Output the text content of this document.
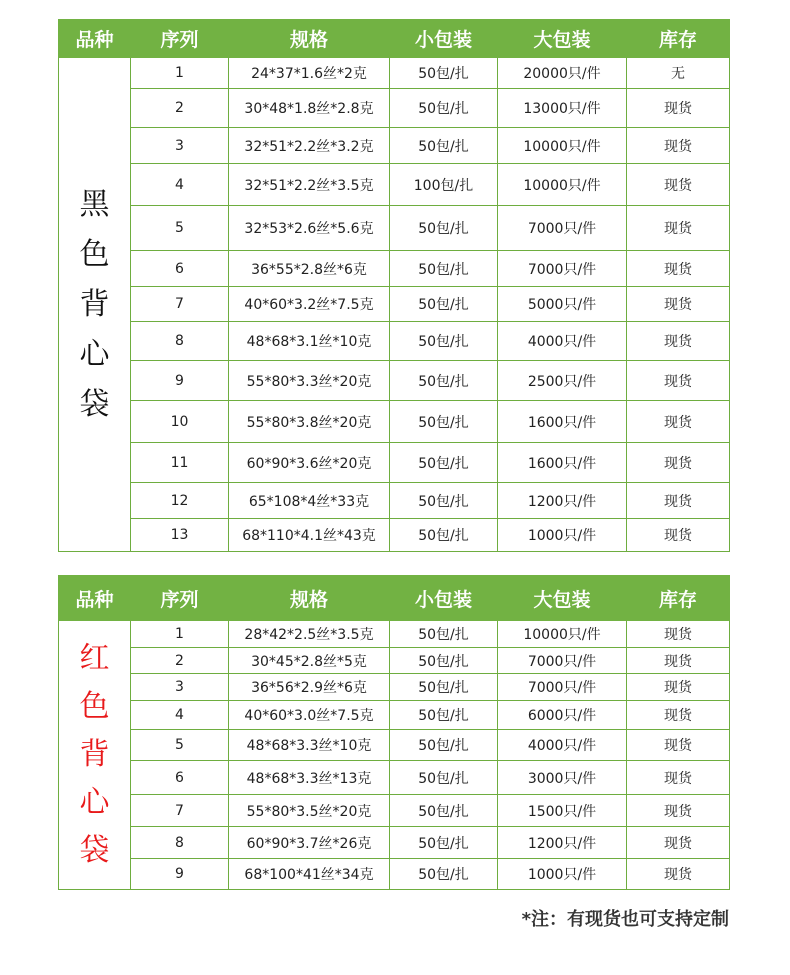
品种	序列	规格	小包装	大包装	库存

黑
色
背
心
袋	1	24*37*1.6丝*2克	50包/扎	20000只/件	无
	2	30*48*1.8丝*2.8克	50包/扎	13000只/件	现货
	3	32*51*2.2丝*3.2克	50包/扎	10000只/件	现货
	4	32*51*2.2丝*3.5克	100包/扎	10000只/件	现货
	5	32*53*2.6丝*5.6克	50包/扎	7000只/件	现货
	6	36*55*2.8丝*6克	50包/扎	7000只/件	现货
	7	40*60*3.2丝*7.5克	50包/扎	5000只/件	现货
	8	48*68*3.1丝*10克	50包/扎	4000只/件	现货
	9	55*80*3.3丝*20克	50包/扎	2500只/件	现货
	10	55*80*3.8丝*20克	50包/扎	1600只/件	现货
	11	60*90*3.6丝*20克	50包/扎	1600只/件	现货
	12	65*108*4丝*33克	50包/扎	1200只/件	现货
	13	68*110*4.1丝*43克	50包/扎	1000只/件	现货
品种	序列	规格	小包装	大包装	库存

红
色
背
心
袋	1	28*42*2.5丝*3.5克	50包/扎	10000只/件	现货
	2	30*45*2.8丝*5克	50包/扎	7000只/件	现货
	3	36*56*2.9丝*6克	50包/扎	7000只/件	现货
	4	40*60*3.0丝*7.5克	50包/扎	6000只/件	现货
	5	48*68*3.3丝*10克	50包/扎	4000只/件	现货
	6	48*68*3.3丝*13克	50包/扎	3000只/件	现货
	7	55*80*3.5丝*20克	50包/扎	1500只/件	现货
	8	60*90*3.7丝*26克	50包/扎	1200只/件	现货
	9	68*100*41丝*34克	50包/扎	1000只/件	现货
*注：有现货也可支持定制
